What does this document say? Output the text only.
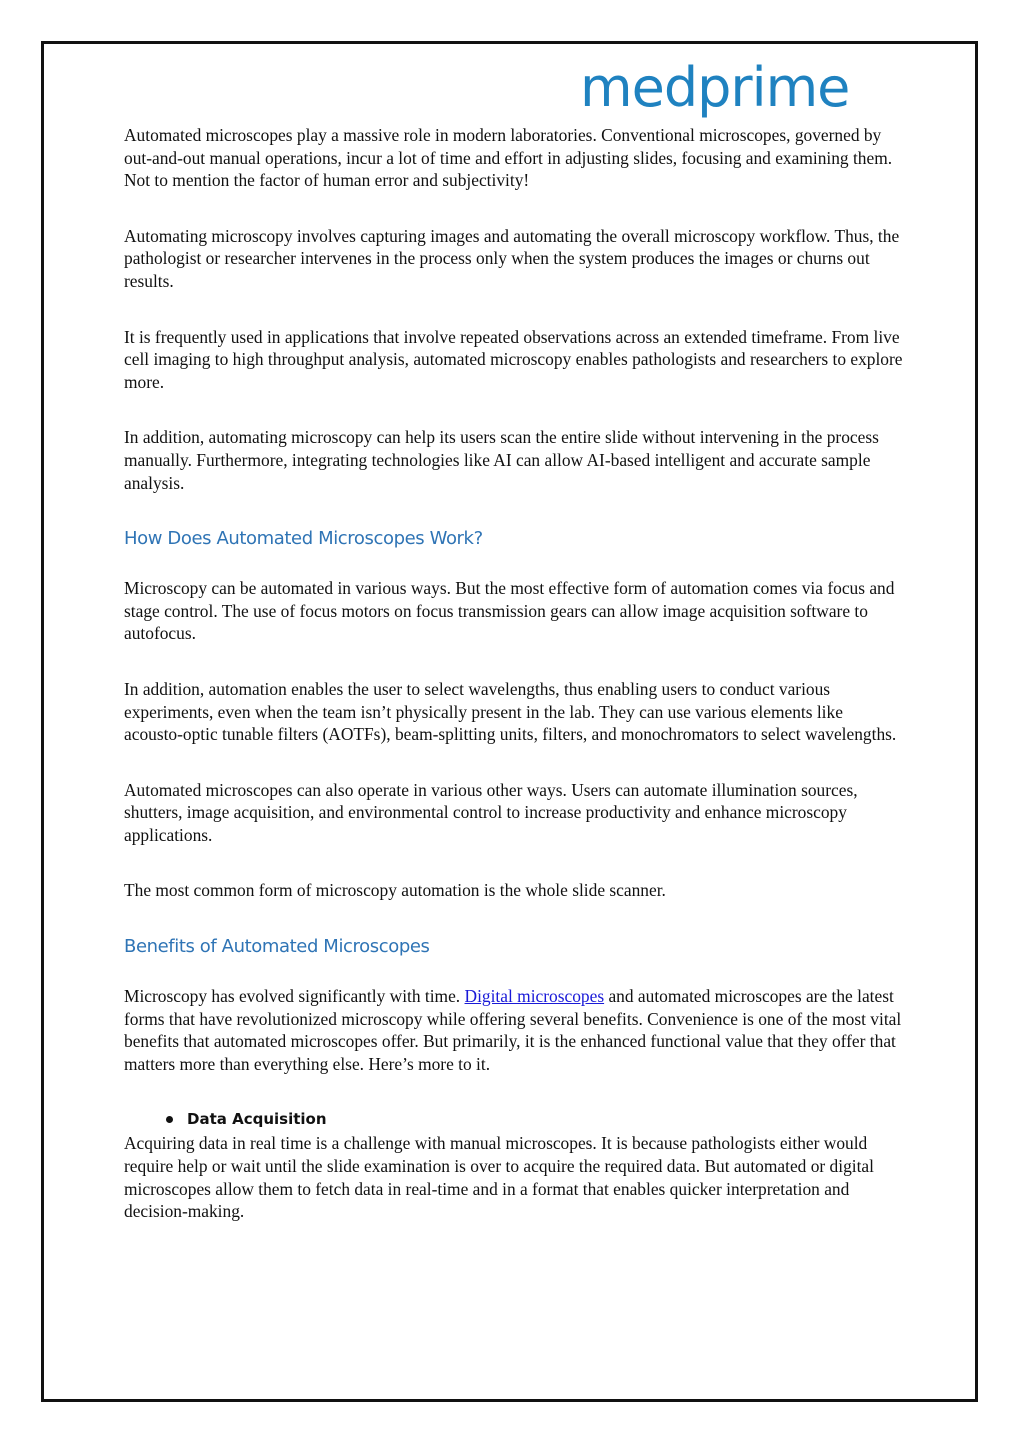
medprime

Automated microscopes play a massive role in modern laboratories. Conventional microscopes, governed by out-and-out manual operations, incur a lot of time and effort in adjusting slides, focusing and examining them. Not to mention the factor of human error and subjectivity!

Automating microscopy involves capturing images and automating the overall microscopy workflow. Thus, the pathologist or researcher intervenes in the process only when the system produces the images or churns out results.

It is frequently used in applications that involve repeated observations across an extended timeframe. From live cell imaging to high throughput analysis, automated microscopy enables pathologists and researchers to explore more.

In addition, automating microscopy can help its users scan the entire slide without intervening in the process manually. Furthermore, integrating technologies like AI can allow AI-based intelligent and accurate sample analysis.

How Does Automated Microscopes Work?

Microscopy can be automated in various ways. But the most effective form of automation comes via focus and stage control. The use of focus motors on focus transmission gears can allow image acquisition software to autofocus.

In addition, automation enables the user to select wavelengths, thus enabling users to conduct various experiments, even when the team isn’t physically present in the lab. They can use various elements like acousto-optic tunable filters (AOTFs), beam-splitting units, filters, and monochromators to select wavelengths.

Automated microscopes can also operate in various other ways. Users can automate illumination sources, shutters, image acquisition, and environmental control to increase productivity and enhance microscopy applications.

The most common form of microscopy automation is the whole slide scanner.

Benefits of Automated Microscopes

Microscopy has evolved significantly with time. Digital microscopes and automated microscopes are the latest forms that have revolutionized microscopy while offering several benefits. Convenience is one of the most vital benefits that automated microscopes offer. But primarily, it is the enhanced functional value that they offer that matters more than everything else. Here’s more to it.

Data Acquisition

Acquiring data in real time is a challenge with manual microscopes. It is because pathologists either would require help or wait until the slide examination is over to acquire the required data. But automated or digital microscopes allow them to fetch data in real-time and in a format that enables quicker interpretation and decision-making.
